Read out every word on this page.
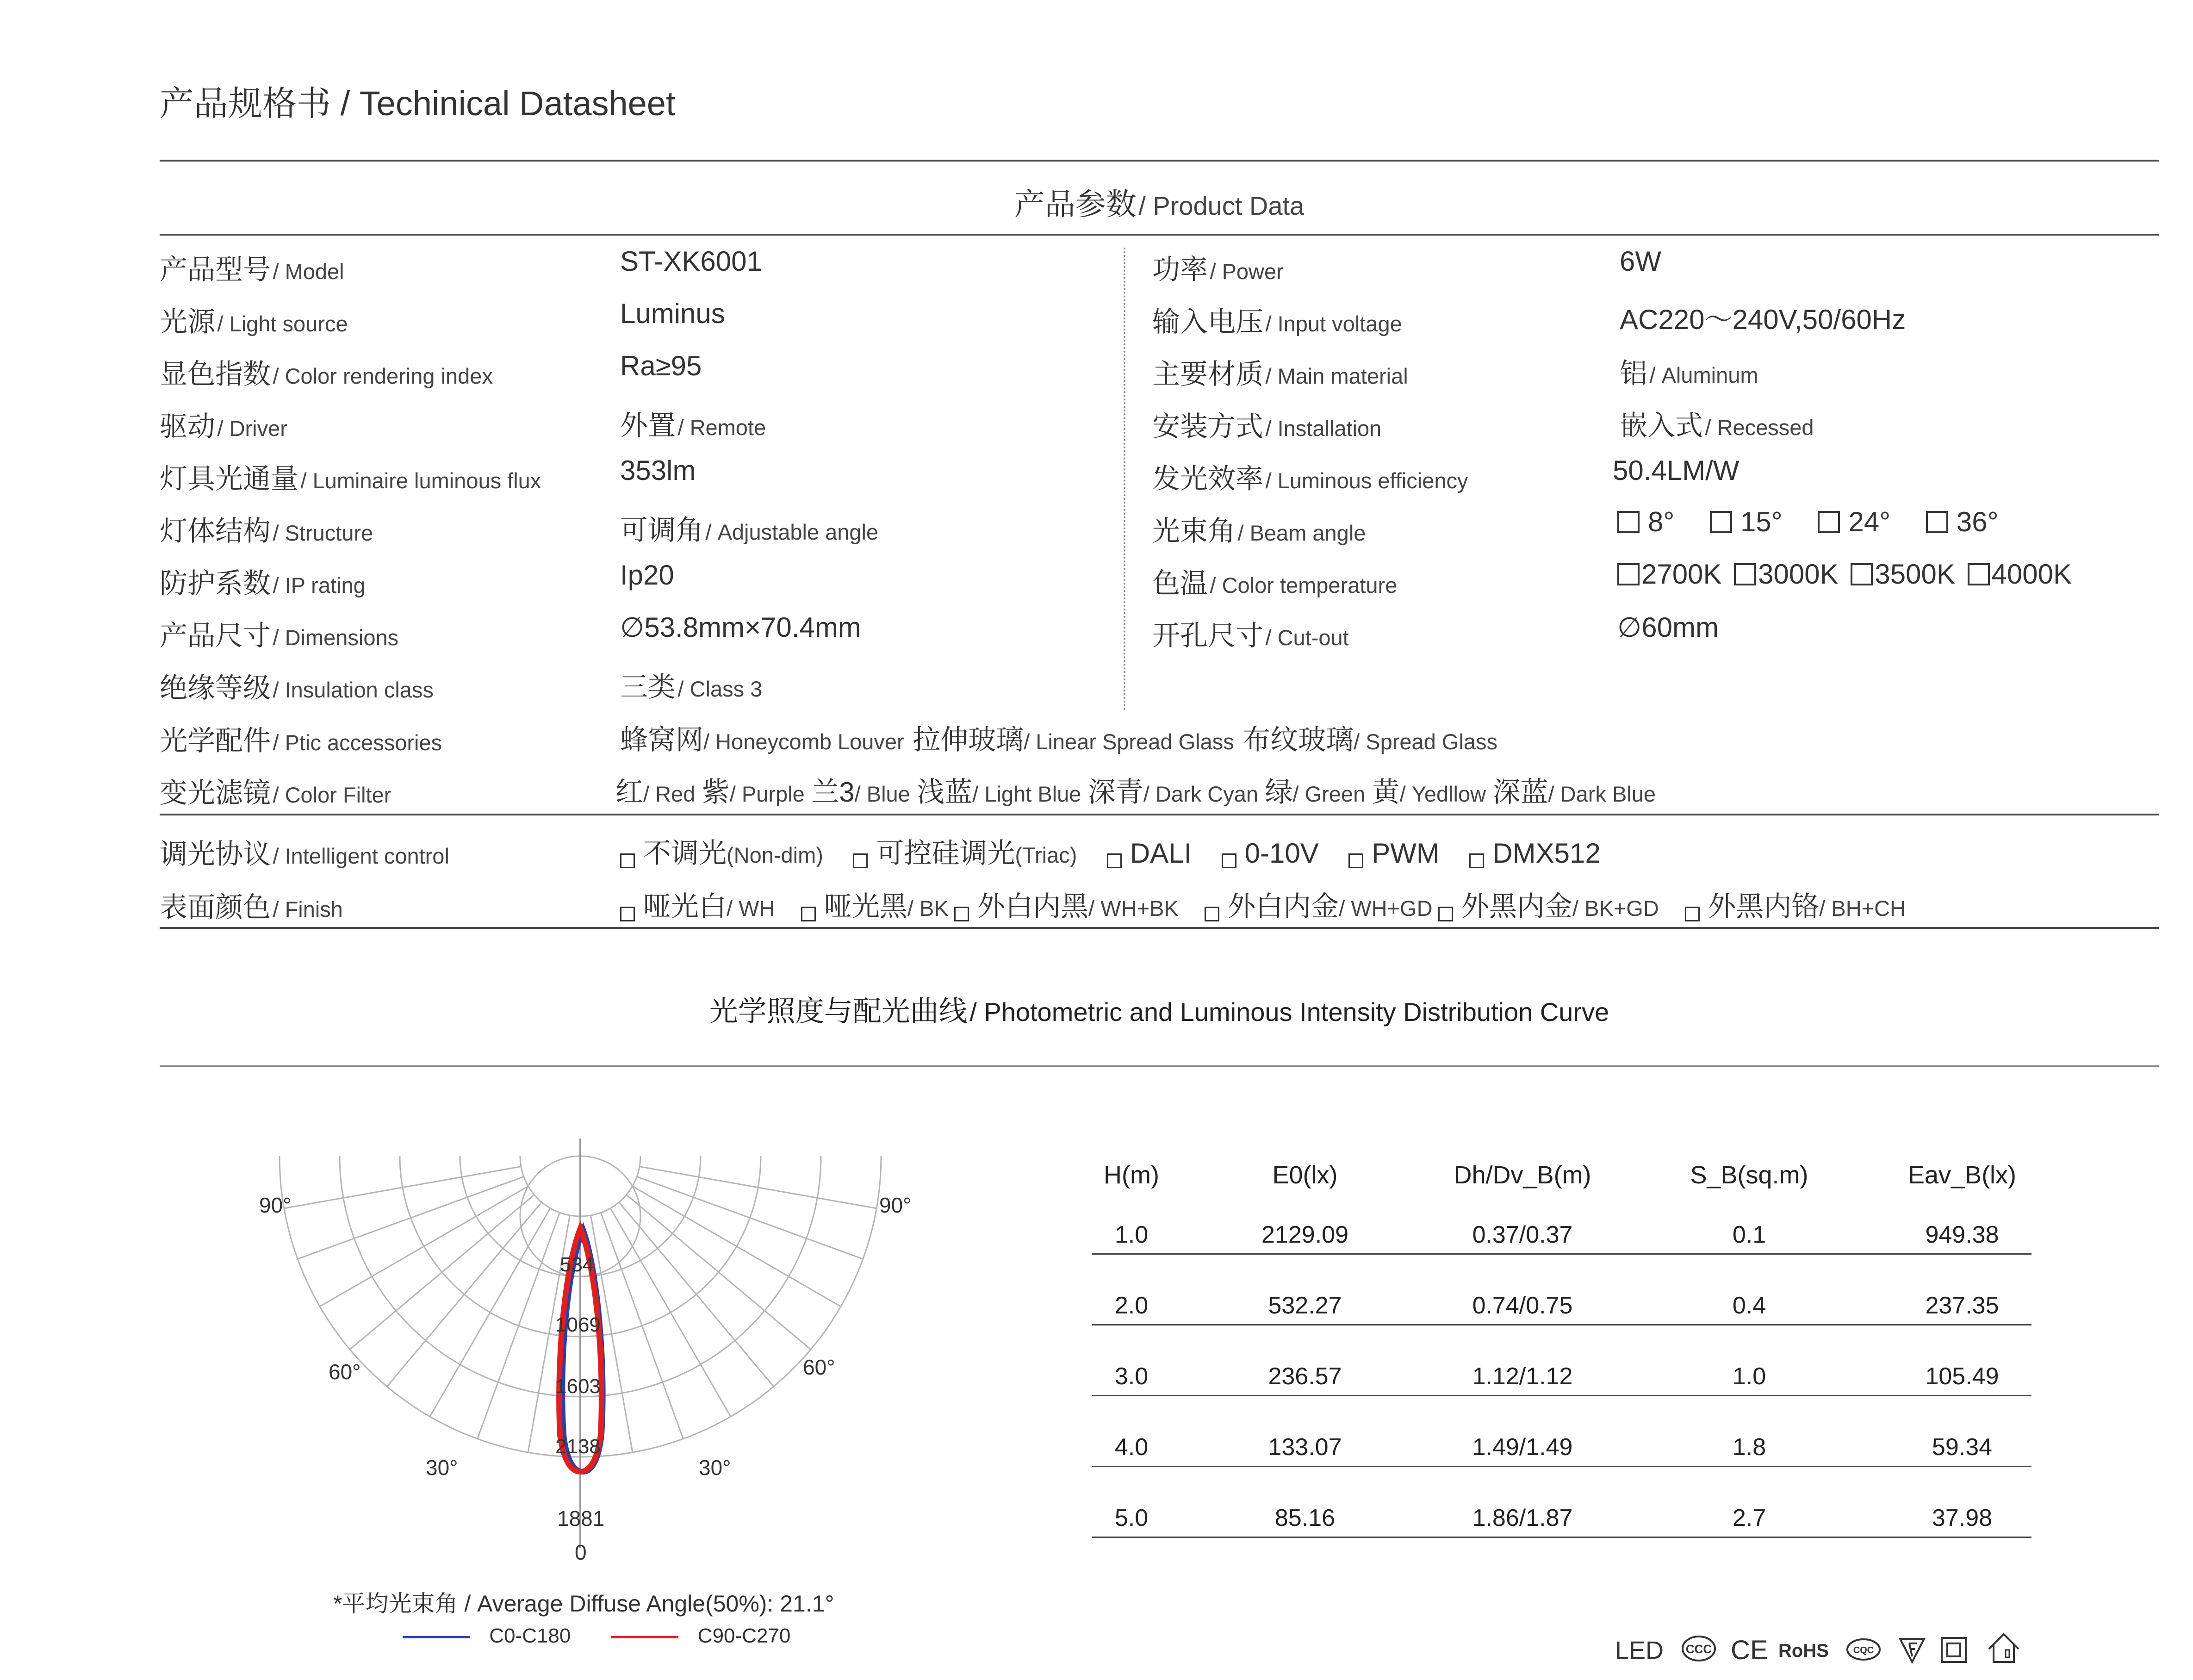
产品规格书 / Techinical Datasheet
产品参数 / Product Data
产品型号 / Model	ST-XK6001
光源 / Light source	Luminus
显色指数 / Color rendering index	Ra≥95
驱动 / Driver	外置 / Remote
灯具光通量 / Luminaire luminous flux	353lm
灯体结构 / Structure	可调角 / Adjustable angle
防护系数 / IP rating	Ip20
产品尺寸 / Dimensions	∅53.8mm×70.4mm
绝缘等级 / Insulation class	三类 / Class 3
功率 / Power	6W
输入电压 / Input voltage	AC220～240V,50/60Hz
主要材质 / Main material	铝 / Aluminum
安装方式 / Installation	嵌入式 / Recessed
发光效率 / Luminous efficiency	50.4LM/W
光束角 / Beam angle	8° 15° 24° 36°
色温 / Color temperature	2700K 3000K 3500K 4000K
开孔尺寸 / Cut-out	∅60mm
光学配件 / Ptic accessories	蜂窝网/ Honeycomb Louver 拉伸玻璃/ Linear Spread Glass 布纹玻璃/ Spread Glass
变光滤镜 / Color Filter	红/ Red 紫/ Purple 兰3/ Blue 浅蓝/ Light Blue 深青/ Dark Cyan 绿/ Green 黄/ Yedllow 深蓝/ Dark Blue
调光协议 / Intelligent control	不调光(Non-dim) 可控硅调光(Triac) DALI 0-10V PWM DMX512
表面颜色 / Finish	哑光白/ WH 哑光黑/ BK 外白内黑/ WH+BK 外白内金/ WH+GD 外黑内金/ BK+GD 外黑内铬/ BH+CH
光学照度与配光曲线 / Photometric and Luminous Intensity Distribution Curve
90°	90°
60°	60°
30°	30°
0
534
1069
1603
2138
1881
*平均光束角 / Average Diffuse Angle(50%): 21.1°
C0-C180	C90-C270
H(m)	E0(lx)	Dh/Dv_B(m)	S_B(sq.m)	Eav_B(lx)
1.0	2129.09	0.37/0.37	0.1	949.38
2.0	532.27	0.74/0.75	0.4	237.35
3.0	236.57	1.12/1.12	1.0	105.49
4.0	133.07	1.49/1.49	1.8	59.34
5.0	85.16	1.86/1.87	2.7	37.98
LED CCC CE RoHS	CQC
